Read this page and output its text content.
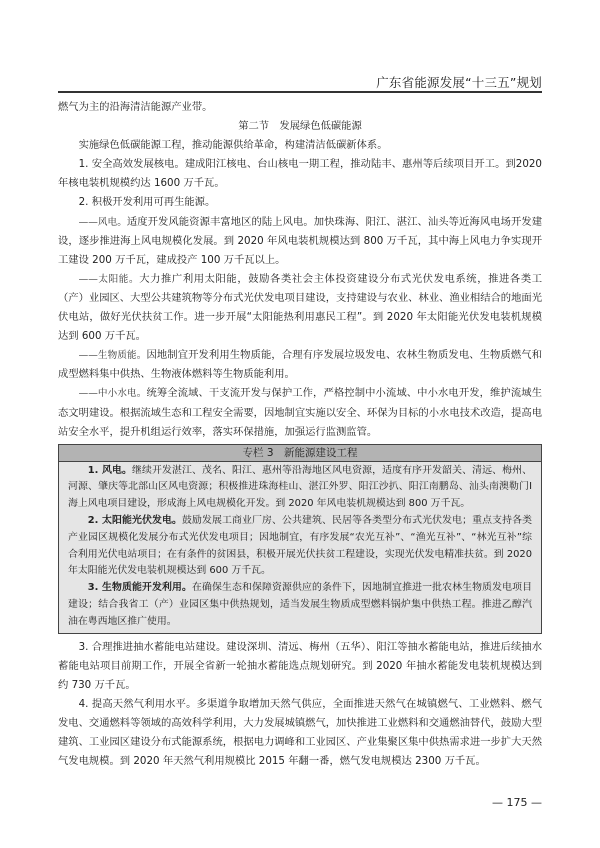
广东省能源发展“十三五”规划

燃气为主的沿海清洁能源产业带。

第二节　发展绿色低碳能源

实施绿色低碳能源工程，推动能源供给革命，构建清洁低碳新体系。

1. 安全高效发展核电。建成阳江核电、台山核电一期工程，推动陆丰、惠州等后续项目开工。到2020 年核电装机规模约达 1600 万千瓦。

2. 积极开发利用可再生能源。

——风电。适度开发风能资源丰富地区的陆上风电。加快珠海、阳江、湛江、汕头等近海风电场开发建设，逐步推进海上风电规模化发展。到 2020 年风电装机规模达到 800 万千瓦，其中海上风电力争实现开工建设 200 万千瓦，建成投产 100 万千瓦以上。

——太阳能。大力推广利用太阳能，鼓励各类社会主体投资建设分布式光伏发电系统，推进各类工（产）业园区、大型公共建筑物等分布式光伏发电项目建设，支持建设与农业、林业、渔业相结合的地面光伏电站，做好光伏扶贫工作。进一步开展“太阳能热利用惠民工程”。到 2020 年太阳能光伏发电装机规模达到 600 万千瓦。

——生物质能。因地制宜开发利用生物质能，合理有序发展垃圾发电、农林生物质发电、生物质燃气和成型燃料集中供热、生物液体燃料等生物质能利用。

——中小水电。统筹全流域、干支流开发与保护工作，严格控制中小流域、中小水电开发，维护流域生态文明建设。根据流域生态和工程安全需要，因地制宜实施以安全、环保为目标的小水电技术改造，提高电站安全水平，提升机组运行效率，落实环保措施，加强运行监测监管。

专栏 3　新能源建设工程

1. 风电。继续开发湛江、茂名、阳江、惠州等沿海地区风电资源，适度有序开发韶关、清远、梅州、河源、肇庆等北部山区风电资源；积极推进珠海桂山、湛江外罗、阳江沙扒、阳江南鹏岛、汕头南澳勒门Ⅰ海上风电项目建设，形成海上风电规模化开发。到 2020 年风电装机规模达到 800 万千瓦。

2. 太阳能光伏发电。鼓励发展工商业厂房、公共建筑、民居等各类型分布式光伏发电；重点支持各类产业园区规模化发展分布式光伏发电项目；因地制宜，有序发展“农光互补”、“渔光互补”、“林光互补”综合利用光伏电站项目；在有条件的贫困县，积极开展光伏扶贫工程建设，实现光伏发电精准扶贫。到 2020 年太阳能光伏发电装机规模达到 600 万千瓦。

3. 生物质能开发利用。在确保生态和保障资源供应的条件下，因地制宜推进一批农林生物质发电项目建设；结合我省工（产）业园区集中供热规划，适当发展生物质成型燃料锅炉集中供热工程。推进乙醇汽油在粤西地区推广使用。

3. 合理推进抽水蓄能电站建设。建设深圳、清远、梅州（五华）、阳江等抽水蓄能电站，推进后续抽水蓄能电站项目前期工作，开展全省新一轮抽水蓄能选点规划研究。到 2020 年抽水蓄能发电装机规模达到约 730 万千瓦。

4. 提高天然气利用水平。多渠道争取增加天然气供应，全面推进天然气在城镇燃气、工业燃料、燃气发电、交通燃料等领域的高效科学利用，大力发展城镇燃气，加快推进工业燃料和交通燃油替代，鼓励大型建筑、工业园区建设分布式能源系统，根据电力调峰和工业园区、产业集聚区集中供热需求进一步扩大天然气发电规模。到 2020 年天然气利用规模比 2015 年翻一番，燃气发电规模达 2300 万千瓦。

— 175 —
